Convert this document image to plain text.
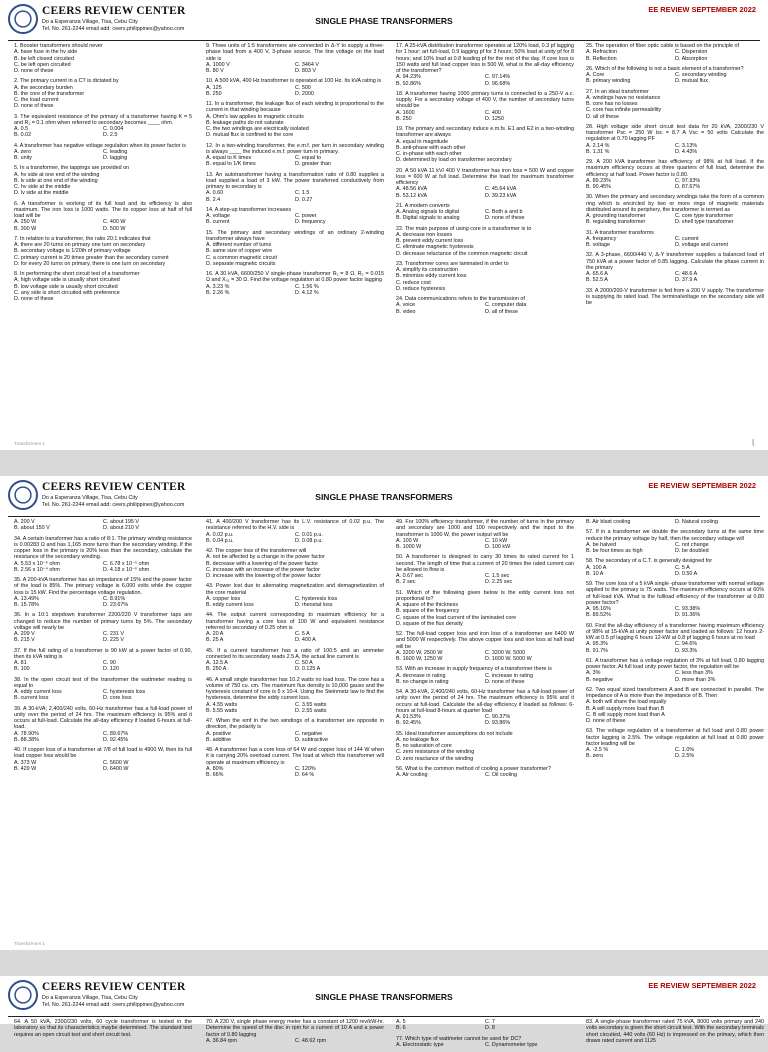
CEERS REVIEW CENTER
Do a Esperanza Village, Tisa, Cebu City
Tel. No. 261-2244 email add: ceers.philippines@yahoo.com
SINGLE PHASE TRANSFORMERS
EE REVIEW SEPTEMBER 2022
1. Booster transformers should never
A. have fuse in the hv side
B. be left closed circuited
C. be left open circuited
D. none of these
2. The primary current in a CT is dictated by
A. the secondary burden
B. the core of the transformer
C. the load current
D. none of these
3. The equivalent resistance of the primary of a transformer having K = 5 and R₁ = 0.1 ohm when referred to secondary becomes ____ ohm.
A. 0.5	C. 0.004
B. 0.02	D. 2.5
4. A transformer has negative voltage regulation when its power factor is
A. zero	C. leading
B. unity	D. lagging
5. In a transformer, the tappings are provided on
A. hv side at one end of the winding
B. lv side at one end of the winding
C. hv side at the middle
D. lv side at the middle
6. A transformer is working of its full load and its efficiency is also maximum. The iron loss is 1000 watts. The its copper loss at half of full load will be
A. 250 W	C. 400 W
B. 300 W	D. 500 W
7. In relation to a transformer, the ratio 20:1 indicates that
A. there are 20 turns on primary one turn on secondary
B. secondary voltage is 1/20th of primary voltage
C. primary current is 20 times greater than the secondary current
D. for every 20 turns on primary, there is one turn on secondary
8. In performing the short circuit test of a transformer
A. high voltage side is usually short circuited
B. low voltage side is usually short circuited
C. any side is short circuited with preference
D. none of these
9. Three units of 1:5 transformers are connected in Δ-Y to supply a three-phase load from a 400 V, 3-phase source. The line voltage on the load side is
A. 1000 V	C. 3464 V
B. 80 V	D. 803 V
10. A 500 kVA, 400 Hz transformer is operated at 100 Hz. Its kVA rating is
A. 125	C. 500
B. 250	D. 2000
11. In a transformer, the leakage flux of each winding is proportional to the current in that winding because
A. Ohm's law applies to magnetic circuits
B. leakage paths do not saturate
C. the two windings are electrically isolated
D. mutual flux is confined to the core
12. In a two-winding transformer, the e.m.f. per turn in secondary winding is always ____ the induced e.m.f. power turn in primary.
A. equal to K times	C. equal to
B. equal to 1/K times	D. greater than
13. An autotransformer having a transformation ratio of 0.80 supplies a load supplied a load of 3 kW. The power transferred conductively from primary to secondary is
A. 0.60	C. 1.5
B. 2.4	D. 0.27
14. A step-up transformer increases
A. voltage	C. power
B. current	D. frequency
15. The primary and secondary windings of an ordinary 2-winding transformer always have
A. different number of turns
B. same size of copper wire
C. a common magnetic circuit
D. separate magnetic circuits
16. A 30 kVA, 6600/250 V single-phase transformer R₁ = 8 Ω, R₂ = 0.015 Ω and X₀₁ = 30 Ω. Find the voltage regulation at 0.80 power factor lagging
A. 3.23 %	C. 1.56 %
B. 2.26 %	D. 4.12 %
17. A 25-kVA distribution transformer operates at 120% load, 0.3 pf lagging for 1 hour; art full-load, 0.9 lagging pf for 3 hours; 50% load at unity pf for 8 hours; and 10% load at 0.8 leading pf for the rest of the day. If core loss is 150 watts and full load copper loss is 500 W, what is the all-day efficiency of the transformer?
A. 94.23%	C. 97.14%
B. 92.86%	D. 96.68%
18. A transformer having 1000 primary turns is connected to a 250-V a.c. supply. For a secondary voltage of 400 V, the number of secondary turns should be
A. 1600	C. 400
B. 250	D. 1250
19. The primary and secondary induce e.m.fs. E1 and E2 in a two-winding transformer are always
A. equal in magnitude
B. anti-phase with each other
C. in-phase with each other
D. determined by load on transformer secondary
20. A 50 kVA 11 kV/ 400 V transformer has iron loss = 500 W and copper loss = 600 W at full load. Determine the load for maximum transformer efficiency
A. 48.56 kVA	C. 45.64 kVA
B. 53.12 kVA	D. 39.23 kVA
21. A modern converts
A. Analog signals to digital	C. Both a and b
B. Digital signals to analog	D. none of these
22. The main purpose of using core in a transformer is to
A. decrease iron losses
B. prevent eddy current loss
C. eliminate magnetic hysteresis
D. decrease reluctance of the common magnetic circuit
23. Transformer cores are laminated in order to
A. simplify its construction
B. minimize eddy current loss
C. reduce cost
D. reduce hysteresis
24. Data communications refers to the transmission of
A. voice	C. computer data
B. video	D. all of these
25. The operation of fiber optic cable is based on the principle of
A. Refraction	C. Dispersion
B. Reflection	D. Absorption
26. Which of the following is not a basic element of a transformer?
A. Core	C. secondary winding
B. primary winding	D. mutual flux
27. In an ideal transformer
A. windings have no resistance
B. core has no losses
C. core has infinite permeability
D. all of these
28. High voltage side short circuit test data for 20 kVA, 2300/230 V transformer Psc = 250 W Isc = 8.7 A Vsc = 50 volts Calculate the regulation at 0.70 lagging PF
A. 2.14 %	C. 3.13%
B. 1.31 %	D. 4.43%
29. A 200 kVA transformer has efficiency of 98% at full load. If the maximum efficiency occurs at three quarters of full load, determine the efficiency at half load. Power factor is 0.80.
A. 89.23%	C. 97.93%
B. 90.45%	D. 87.67%
30. When the primary and secondary windings take the form of a common ring which is encircled by two or more rings of magnetic materials distributed around its periphery, the transformer is termed as
A. grounding transformer	C. core type transformer
B. regulating transformer	D. shell type transformer
31. A transformer transforms
A. frequency	C. current
B. voltage	D. voltage and current
32. A 3-phase, 6600/440 V, Δ-Y transformer supplies a balanced load of 750 kVA at a power factor of 0.85 lagging. Calculate the phase current in the primary
A. 65.6 A	C. 48.6 A
B. 52.5 A	D. 37.9 A
33. A 2000/200-V transformer is fed from a 200 V supply. The transformer is supplying its rated load. The terminalvoltage on the secondary side will be
Transformers 1	[
CEERS REVIEW CENTER
Do a Esperanza Village, Tisa, Cebu City
Tel. No. 261-2244 email add: ceers.philippines@yahoo.com
SINGLE PHASE TRANSFORMERS
EE REVIEW SEPTEMBER 2022
A. 200 V	C. about 195 V
B. about 150 V	D. about 210 V
34. A certain transformer has a ratio of 8:1. The primary winding resistance is 0.00283 Ω and has 1,165 more turns than the secondary winding. If the copper loss in the primary is 20% less than the secondary, calculate the resistance of the secondary winding.
A. 5.53 x 10⁻⁵ ohm	C. 6.78 x 10⁻⁵ ohm
B. 2.56 x 10⁻⁴ ohm	D. 4.18 x 10⁻⁶ ohm
35. A 200-kVA transformer has an impedance of 15% and the power factor of the load is 85%. The primary voltage is 6,000 volts while the copper loss is 15 kW. Find the percentage voltage regulation.
A. 13.49%	C. 8.91%
B. 15.78%	D. 23.67%
36. In a 10:1 stepdown transformer 2200/220 V transformer taps are changed to reduce the number of primary turns by 5%. The secondary voltage will nearly be
A. 209 V	C. 231 V
B. 215 V	D. 225 V
37. If the full rating of a transformer is 90 kW at a power factor of 0.90, then its kVA rating is
A. 81	C. 90
B. 100	D. 120
38. In the open circuit test of the transformer the wattmeter reading is equal to
A. eddy current loss	C. hysteresis loss
B. current loss	D. core loss
39. A 30-kVA; 2,400/240 volts, 60-Hz transformer has a full-load power of unity over the period of 24 hrs. The maximum efficiency is 95% and it occurs at full-load. Calculate the all-day efficiency if loaded 6-hours at full-load.
A. 78.90%	C. 89.67%
B. 88.38%	D. 92.45%
40. If copper loss of a transformer at 7/8 of full load is 4900 W, then its full load copper loss would be
A. 373 W	C. 5600 W
B. 429 W	D. 6400 W
41. A 400/200 V transformer has its L.V. resistance of 0.02 p.u. The resistance referred to the H.V. side is
A. 0.02 p.u.	C. 0.01 p.u.
B. 0.04 p.u.	D. 0.08 p.u.
42. The copper loss of the transformer will
A. not be affected by a change in the power factor
B. decrease with a lowering of the power factor
C. increase with an increase of the power factor
D. increase with the lowering of the power factor
43. Power lost due to alternating magnetization and demagnetization of the core material
A. copper loss	C. hysteresis loss
B. eddy current loss	D. rheostat loss
44. The output current corresponding to maximum efficiency for a transformer having a core loss of 100 W and equivalent resistance referred to secondary of 0.25 ohm is
A. 20 A	C. 5 A
B. 25 A	D. 400 A
45. If a current transformer has a ratio of 100:5 and an ammeter connected to its secondary reads 2.5 A, the actual line current is
A. 12.5 A	C. 50 A
B. 250 A	D. 0.125 A
46. A small single transformer has 10.2 watts no load loss. The core has a volume of 750 cu. cm. The maximum flux density is 10,000 gauss and the hysteresis constant of core is 5 x 10-4. Using the Steinmetz law to find the hysteresis, determine the eddy current loss.
A. 4.55 watts	C. 3.55 watts
B. 5.55 watts	D. 2.55 watts
47. When the emf in the two windings of a transformer are opposite in direction, the polarity is
A. positive	C. negative
B. additive	D. subtractive
48. A transformer has a core loss of 64 W and copper loss of 144 W when it is carrying 20% overload current. The load at which this transformer will operate at maximum efficiency is
A. 80%	C. 120%
B. 66%	D. 64 %
49. For 100% efficiency transformer, if the number of turns in the primary and secondary are 1000 and 100 respectively and the input to the transformer is 1000 W, the power output will be
A. 100 W	C. 10 kW
B. 1000 W	D. 100 kW
50. A transformer is designed to carry 30 times its rated current for 1 second. The length of time that a current of 20 times the rated current can be allowed to flow is
A. 0.67 sec	C. 1.5 sec
B. 2 sec	D. 2.25 sec
51. Which of the following given below is the eddy current loss not proportional to?
A. square of the thickness
B. square of the frequency
C. square of the load current of the laminated core
D. square of the flux density
52. The full-load copper loss and iron loss of a transformer are 6400 W and 5000 W respectively. The above copper loss and iron loss at half load will be
A. 3200 W, 2500 W	C. 3200 W, 5000
B. 1600 W, 1250 W	D. 1600 W, 5000 W
53. With an increase in supply frequency of a transformer there is
A. decrease in rating	C. increase in rating
B. no change in rating	D. none of these
54. A 30-kVA, 2,400/240 volts, 60-Hz transformer has a full-load power of unity over the period of 24 hrs. The maximum efficiency is 95% and it occurs at full-load. Calculate the all-day efficiency if loaded as follows: 6-hours at full-load 8-hours at quarter load
A. 91.53%	C. 90.37%
B. 92.45%	D. 93.86%
55. Ideal transformer assumptions do not include
A. no leakage flux
B. no saturation of core
C. zero resistance of the winding
D. zero reactance of the winding
56. What is the common method of cooling a power transformer?
A. Air cooling	C. Oil cooling
B. Air blast cooling	D. Natural cooling
57. If in a transformer we double the secondary turns at the same time reduce the primary voltage by half, then the secondary voltage will
A. be halved	C. not change
B. be four times as high	D. be doubled
58. The secondary of a C.T. is generally designed for
A. 100 A	C. 5 A
B. 10 A	D. 0.50 A
59. The core loss of a 5 kVA single -phase transformer with normal voltage applied to the primary is 75 watts. The maximum efficiency occurs at 60% of full-load kVA. What is the fullload efficiency of the transformer at 0.80 power factor?
A. 95.16%	C. 93.38%
B. 89.52%	D. 91.36%
60. Find the all-day efficiency of a transformer having maximum efficiency of 98% at 15-kVA at unity power factor and loaded as follows: 12 hours 2-kW at 0.5 pf lagging 6 hours 12-kW at 0.8 pf lagging 6 hours at no load
A. 95.3%	C. 94.6%
B. 91.7%	D. 93.3%
61. A transformer has a voltage regulation of 3% at full load, 0.80 lagging power factor. At full load unity power factor, the regulation will be
A. 3%	C. less than 3%
B. negative	D. more than 3%
62. Two equal sized transformers A and B are connected in parallel. The impedance of A is more than the impedance of B. Then
A. both will share the load equally
B. A will supply more load than B
C. B will supply more load than A
D. none of these
63. The voltage regulation of a transformer at full load and 0.80 power factor lagging is 2.5%. The voltage regulation at full load at 0.80 power factor leading will be
A. -2.5 %	C. 1.0%
B. zero	D. 2.5%
Transformers 1
CEERS REVIEW CENTER
Do a Esperanza Village, Tisa, Cebu City
Tel. No. 261-2244 email add: ceers.philippines@yahoo.com
SINGLE PHASE TRANSFORMERS
EE REVIEW SEPTEMBER 2022
64. A 50 kVA, 2300/230 volts, 60 cycle transformer is tested in the laboratory so that its characteristics maybe determined. The standard test requires an open circuit test and short circuit test.
70. A 230 V, single phase energy meter has a constant of 1200 rev/kW-hr. Determine the speed of the disc in rpm for a current of 10 A and a power factor of 0.80 lagging
A. 36.84 rpm	C. 48.62 rpm
A. 5	C. 7
B. 6	D. 8
77. Which type of wattmeter cannot be used for DC?
A. Electrostatic type	C. Dynamometer type
83. A single-phase transformer rated 75 kVA, 8000 volts primary and 240 volts secondary is given the short circuit test. With the secondary terminals short circuited, 440 volts (60 Hz) is impressed on the primary, which then draws rated current and 1125
